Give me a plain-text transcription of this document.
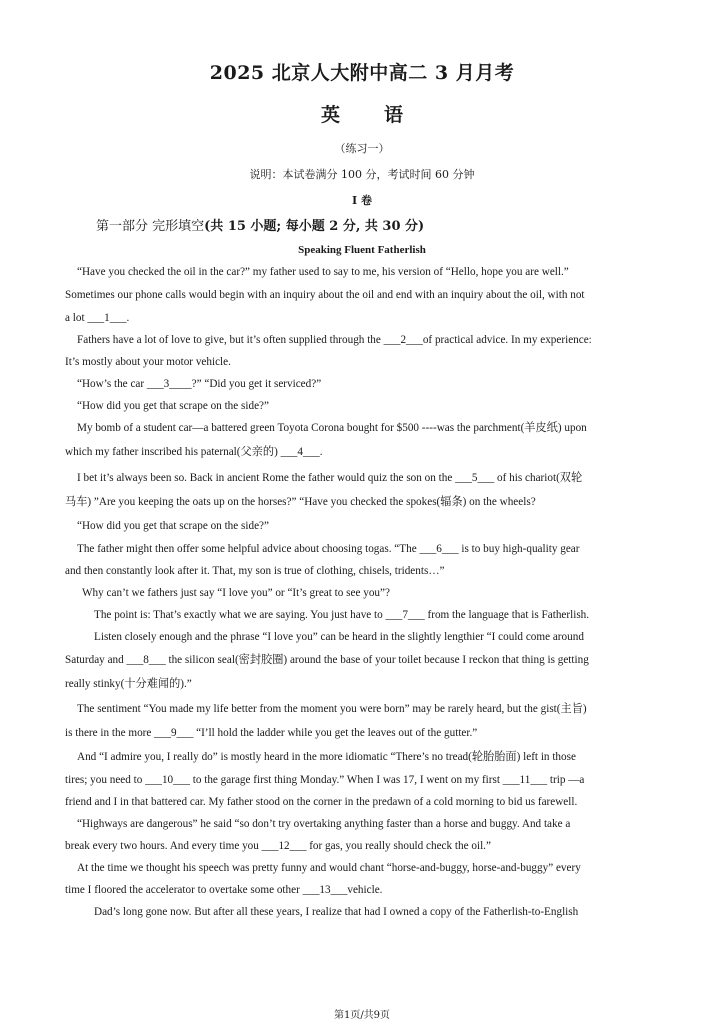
2025 北京人大附中高二 3 月月考
英语
（练习一）
说明：本试卷满分 100 分，考试时间 60 分钟
I 卷
第一部分 完形填空(共 15 小题; 每小题 2 分, 共 30 分)
Speaking Fluent Fatherlish
“Have you checked the oil in the car?” my father used to say to me, his version of “Hello, hope you are well.”
Sometimes our phone calls would begin with an inquiry about the oil and end with an inquiry about the oil, with not
a lot ___1___.
Fathers have a lot of love to give, but it’s often supplied through the ___2___of practical advice. In my experience:
It’s mostly about your motor vehicle.
“How’s the car ___3____?” “Did you get it serviced?”
“How did you get that scrape on the side?”
My bomb of a student car—a battered green Toyota Corona bought for $500 ----was the parchment(羊皮纸) upon
which my father inscribed his paternal(父亲的) ___4___.
I bet it’s always been so. Back in ancient Rome the father would quiz the son on the ___5___ of his chariot(双轮
马车) ”Are you keeping the oats up on the horses?” “Have you checked the spokes(辐条) on the wheels?
“How did you get that scrape on the side?”
The father might then offer some helpful advice about choosing togas. “The ___6___ is to buy high-quality gear
and then constantly look after it. That, my son is true of clothing, chisels, tridents…”
Why can’t we fathers just say “I love you” or “It’s great to see you”?
The point is: That’s exactly what we are saying. You just have to ___7___ from the language that is Fatherlish.
Listen closely enough and the phrase “I love you” can be heard in the slightly lengthier “I could come around
Saturday and ___8___ the silicon seal(密封胶圈) around the base of your toilet because I reckon that thing is getting
really stinky(十分难闻的).”
The sentiment “You made my life better from the moment you were born” may be rarely heard, but the gist(主旨)
is there in the more ___9___ “I’ll hold the ladder while you get the leaves out of the gutter.”
And “I admire you, I really do” is mostly heard in the more idiomatic “There’s no tread(轮胎胎面) left in those
tires; you need to ___10___ to the garage first thing Monday.” When I was 17, I went on my first ___11___ trip —a
friend and I in that battered car. My father stood on the corner in the predawn of a cold morning to bid us farewell.
“Highways are dangerous” he said “so don’t try overtaking anything faster than a horse and buggy. And take a
break every two hours. And every time you ___12___ for gas, you really should check the oil.”
At the time we thought his speech was pretty funny and would chant “horse-and-buggy, horse-and-buggy” every
time I floored the accelerator to overtake some other ___13___vehicle.
Dad’s long gone now. But after all these years, I realize that had I owned a copy of the Fatherlish-to-English
第1页/共9页
